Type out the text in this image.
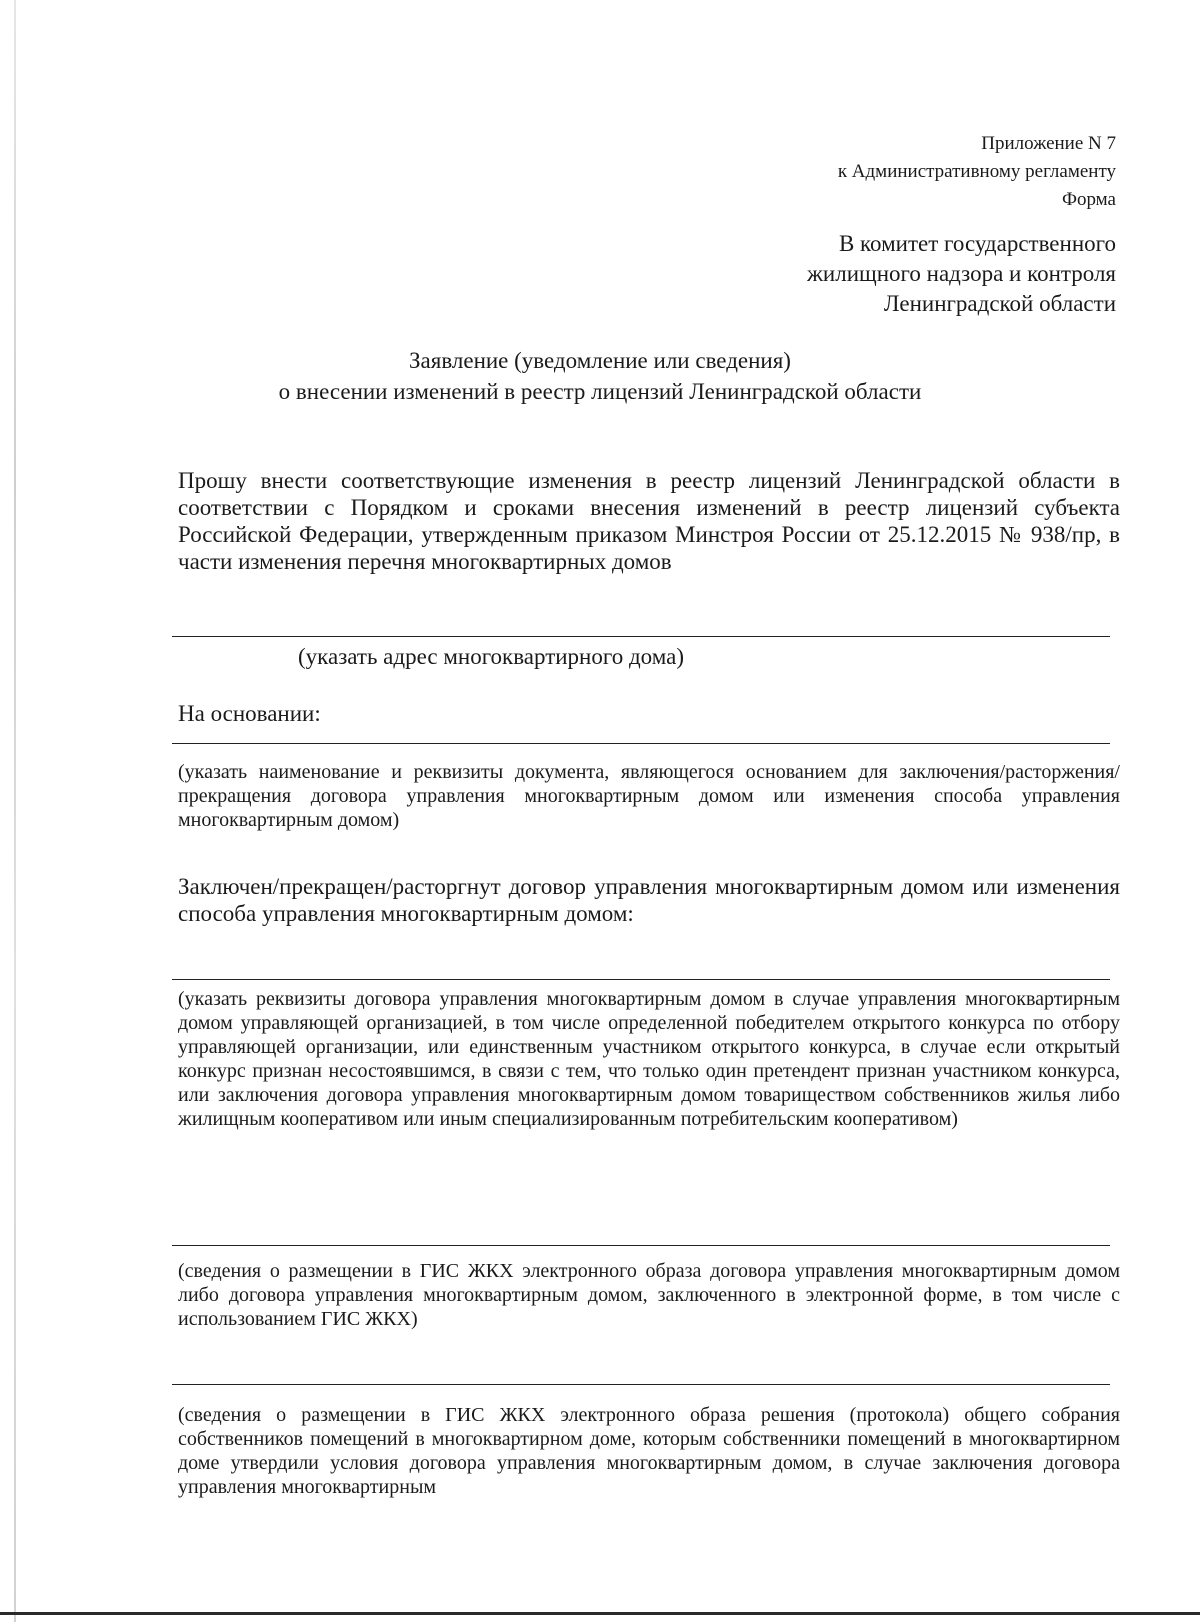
Приложение N 7
к Административному регламенту
Форма
В комитет государственного
жилищного надзора и контроля
Ленинградской области
Заявление (уведомление или сведения)
о внесении изменений в реестр лицензий Ленинградской области
Прошу внести соответствующие изменения в реестр лицензий Ленинградской области в соответствии с Порядком и сроками внесения изменений в реестр лицензий субъекта Российской Федерации, утвержденным приказом Минстроя России от 25.12.2015 № 938/пр, в части изменения перечня многоквартирных домов
(указать адрес многоквартирного дома)
На основании:
(указать наименование и реквизиты документа, являющегося основанием для заключения/расторжения/прекращения договора управления многоквартирным домом или изменения способа управления многоквартирным домом)
Заключен/прекращен/расторгнут договор управления многоквартирным домом или изменения способа управления многоквартирным домом:
(указать реквизиты договора управления многоквартирным домом в случае управления многоквартирным домом управляющей организацией, в том числе определенной победителем открытого конкурса по отбору управляющей организации, или единственным участником открытого конкурса, в случае если открытый конкурс признан несостоявшимся, в связи с тем, что только один претендент признан участником конкурса, или заключения договора управления многоквартирным домом товариществом собственников жилья либо жилищным кооперативом или иным специализированным потребительским кооперативом)
(сведения о размещении в ГИС ЖКХ электронного образа договора управления многоквартирным домом либо договора управления многоквартирным домом, заключенного в электронной форме, в том числе с использованием ГИС ЖКХ)
(сведения о размещении в ГИС ЖКХ электронного образа решения (протокола) общего собрания собственников помещений в многоквартирном доме, которым собственники помещений в многоквартирном доме утвердили условия договора управления многоквартирным домом, в случае заключения договора управления многоквартирным
